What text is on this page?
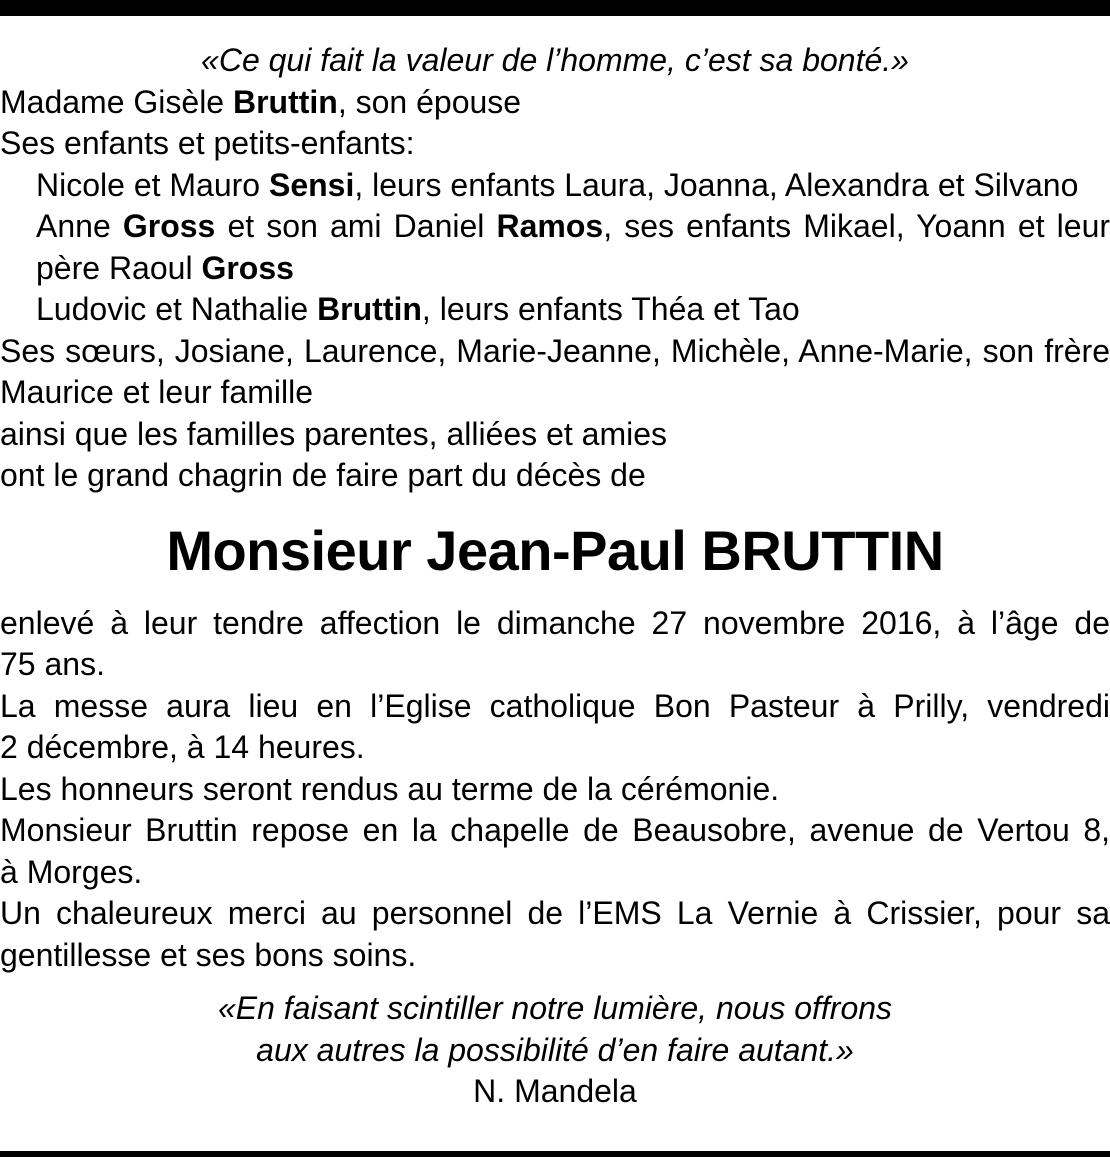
«Ce qui fait la valeur de l’homme, c’est sa bonté.»
Madame Gisèle Bruttin, son épouse
Ses enfants et petits-enfants:
Nicole et Mauro Sensi, leurs enfants Laura, Joanna, Alexandra et Silvano
Anne Gross et son ami Daniel Ramos, ses enfants Mikael, Yoann et leur
père Raoul Gross
Ludovic et Nathalie Bruttin, leurs enfants Théa et Tao
Ses sœurs, Josiane, Laurence, Marie-Jeanne, Michèle, Anne-Marie, son frère
Maurice et leur famille
ainsi que les familles parentes, alliées et amies
ont le grand chagrin de faire part du décès de
Monsieur Jean-Paul BRUTTIN
enlevé à leur tendre affection le dimanche 27 novembre 2016, à l’âge de
75 ans.
La messe aura lieu en l’Eglise catholique Bon Pasteur à Prilly, vendredi
2 décembre, à 14 heures.
Les honneurs seront rendus au terme de la cérémonie.
Monsieur Bruttin repose en la chapelle de Beausobre, avenue de Vertou 8,
à Morges.
Un chaleureux merci au personnel de l’EMS La Vernie à Crissier, pour sa
gentillesse et ses bons soins.
«En faisant scintiller notre lumière, nous offrons
aux autres la possibilité d’en faire autant.»
N. Mandela
